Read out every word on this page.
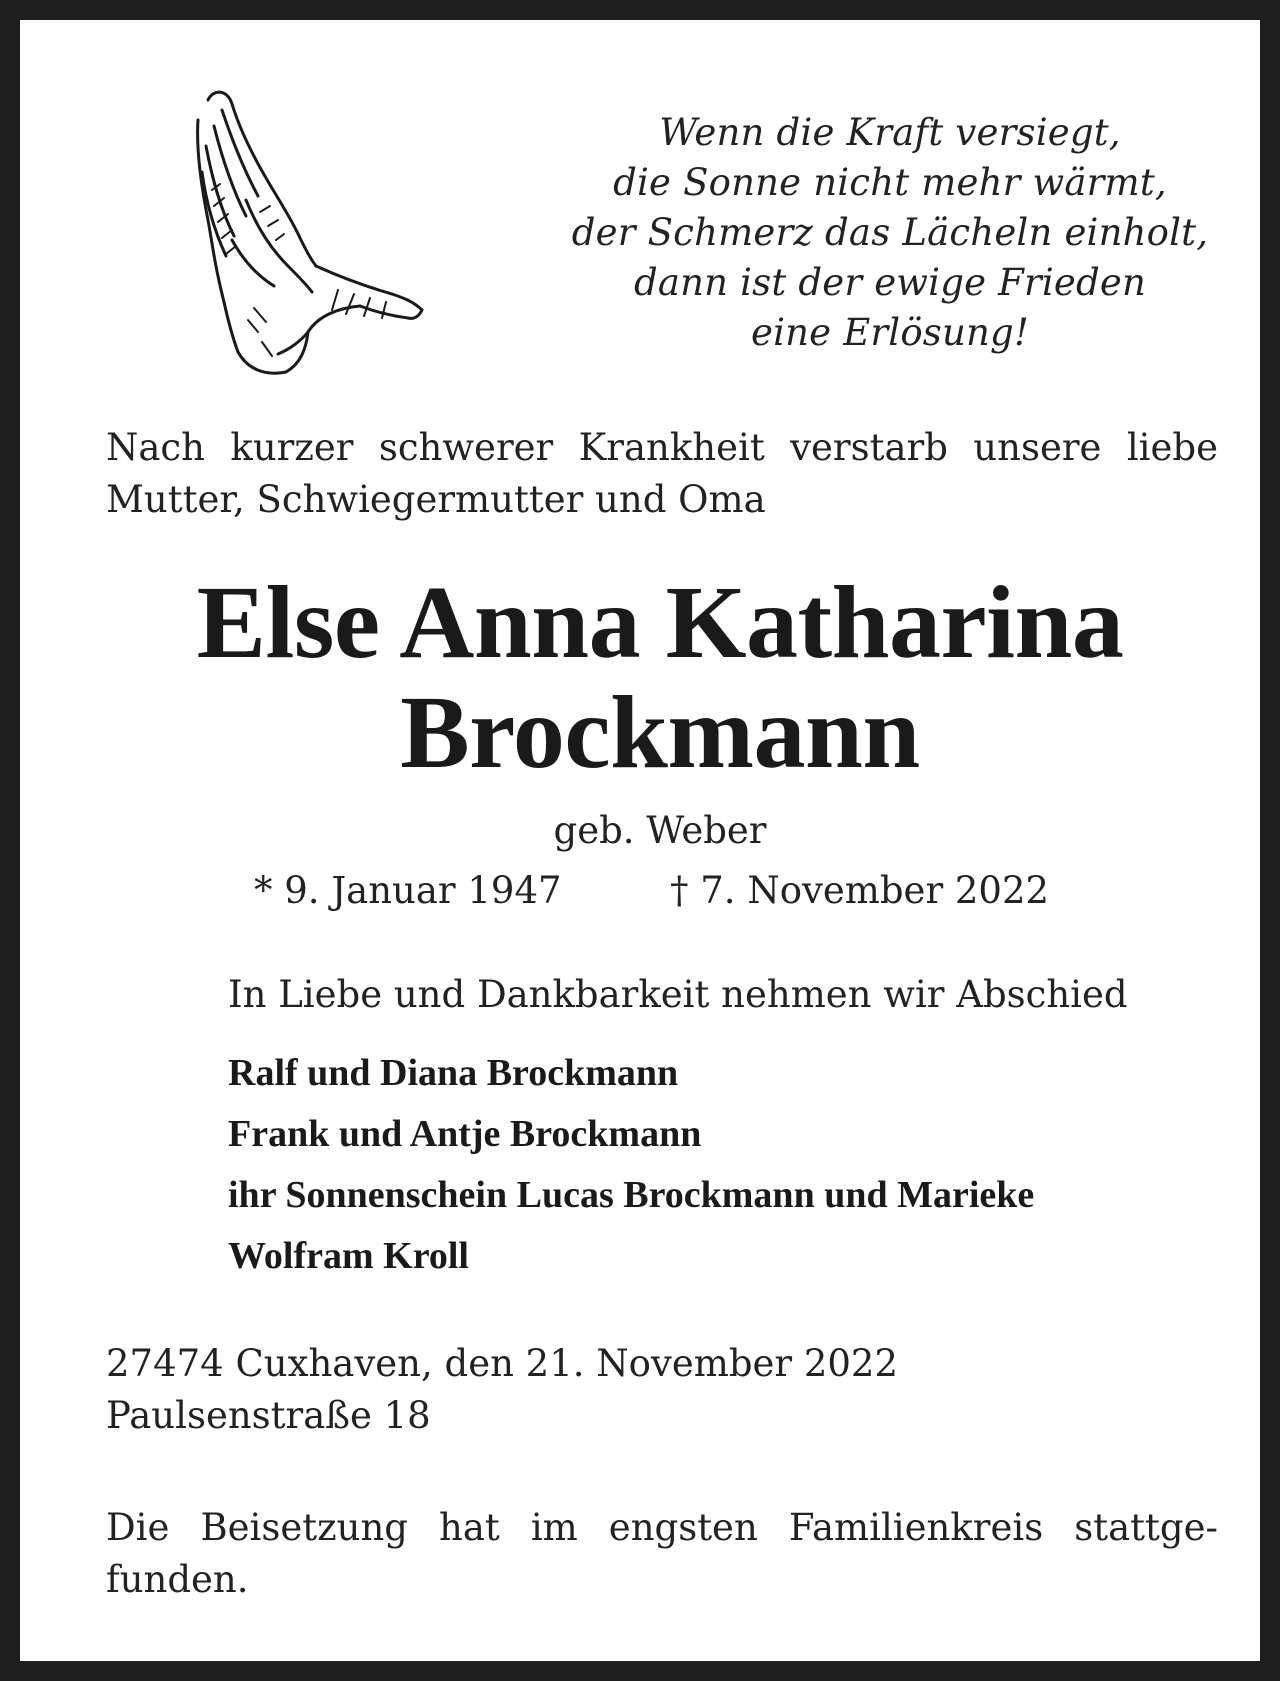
Wenn die Kraft versiegt,
die Sonne nicht mehr wärmt,
der Schmerz das Lächeln einholt,
dann ist der ewige Frieden
eine Erlösung!
Nach kurzer schwerer Krankheit verstarb unsere liebe
Mutter, Schwiegermutter und Oma
Else Anna Katharina
Brockmann
geb. Weber
* 9. Januar 1947	† 7. November 2022
In Liebe und Dankbarkeit nehmen wir Abschied
Ralf und Diana Brockmann
Frank und Antje Brockmann
ihr Sonnenschein Lucas Brockmann und Marieke
Wolfram Kroll
27474 Cuxhaven, den 21. November 2022
Paulsenstraße 18
Die Beisetzung hat im engsten Familienkreis stattge-
funden.
